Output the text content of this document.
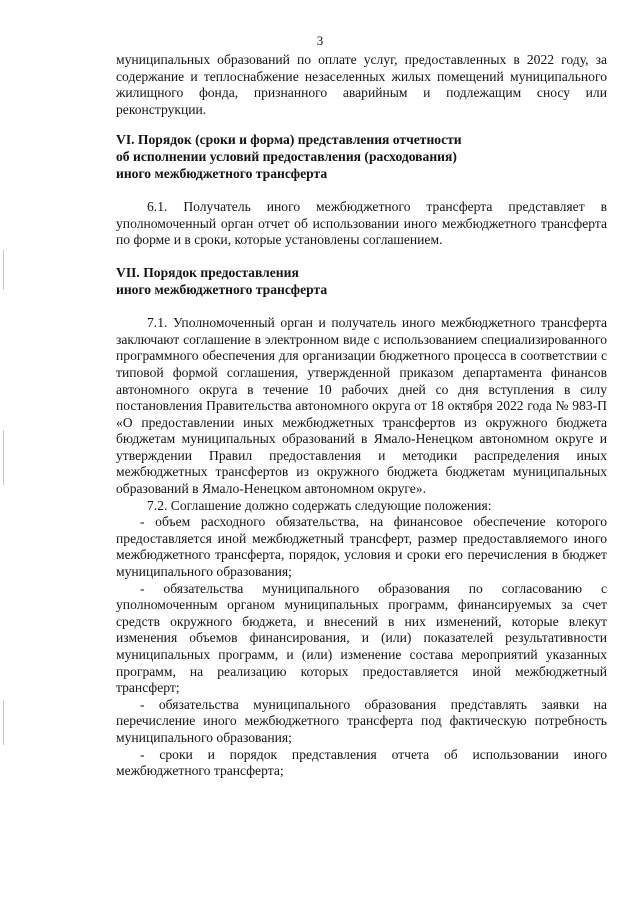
3

муниципальных образований по оплате услуг, предоставленных в 2022 году, за содержание и теплоснабжение незаселенных жилых помещений муниципального жилищного фонда, признанного аварийным и подлежащим сносу или реконструкции.

VI. Порядок (сроки и форма) представления отчетности

об исполнении условий предоставления (расходования)

иного межбюджетного трансферта

6.1. Получатель иного межбюджетного трансферта представляет в уполномоченный орган отчет об использовании иного межбюджетного трансферта по форме и в сроки, которые установлены соглашением.

VII. Порядок предоставления

иного межбюджетного трансферта

7.1. Уполномоченный орган и получатель иного межбюджетного трансферта заключают соглашение в электронном виде с использованием специализированного программного обеспечения для организации бюджетного процесса в соответствии с типовой формой соглашения, утвержденной приказом департамента финансов автономного округа в течение 10 рабочих дней со дня вступления в силу постановления Правительства автономного округа от 18 октября 2022 года № 983-П «О предоставлении иных межбюджетных трансфертов из окружного бюджета бюджетам муниципальных образований в Ямало-Ненецком автономном округе и утверждении Правил предоставления и методики распределения иных межбюджетных трансфертов из окружного бюджета бюджетам муниципальных образований в Ямало-Ненецком автономном округе».

7.2. Соглашение должно содержать следующие положения:

- объем расходного обязательства, на финансовое обеспечение которого предоставляется иной межбюджетный трансферт, размер предоставляемого иного межбюджетного трансферта, порядок, условия и сроки его перечисления в бюджет муниципального образования;

- обязательства муниципального образования по согласованию с уполномоченным органом муниципальных программ, финансируемых за счет средств окружного бюджета, и внесений в них изменений, которые влекут изменения объемов финансирования, и (или) показателей результативности муниципальных программ, и (или) изменение состава мероприятий указанных программ, на реализацию которых предоставляется иной межбюджетный трансферт;

- обязательства муниципального образования представлять заявки на перечисление иного межбюджетного трансферта под фактическую потребность муниципального образования;

- сроки и порядок представления отчета об использовании иного межбюджетного трансферта;
